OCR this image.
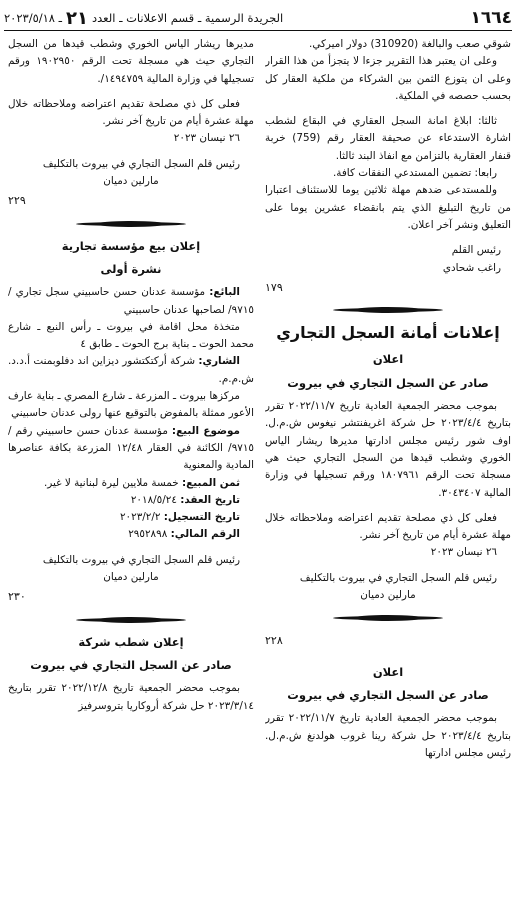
١٦٦٤
الجريدة الرسمية ـ قسم الاعلانات ـ العدد
٢١
ـ ٢٠٢٣/٥/١٨

شوقي صعب والبالغة (310920) دولار اميركي.

وعلى ان يعتبر هذا التقرير جزءا لا يتجزأ من هذا القرار وعلى ان يتوزع الثمن بين الشركاء من ملكية العقار كل بحسب حصصه في الملكية.

ثالثا: ابلاغ امانة السجل العقاري في البقاع لشطب اشارة الاستدعاء عن صحيفة العقار رقم (759) خربة قنفار العقارية بالتزامن مع انفاذ البند ثالثا.

رابعا: تضمين المستدعي النفقات كافة.

وللمستدعى ضدهم مهلة ثلاثين يوما للاستئناف اعتبارا من تاريخ التبليغ الذي يتم بانقضاء عشرين يوما على التعليق ونشر آخر اعلان.

رئيس القلم

راغب شحادي

١٧٩

إعلانات أمانة السجل التجاري

اعلان

صادر عن السجل التجاري في بيروت

بموجب محضر الجمعية العادية تاريخ ٢٠٢٢/١١/٧ تقرر بتاريخ ٢٠٢٣/٤/٤ حل شركة اغريفنتشر نيغوس ش.م.ل. اوف شور رئيس مجلس ادارتها مديرها ريشار الياس الخوري وشطب قيدها من السجل التجاري حيث هي مسجلة تحت الرقم ١٨٠٧٩٦١ ورقم تسجيلها في وزارة المالية ٣٠٤٣٤٠٧.

فعلى كل ذي مصلحة تقديم اعتراضه وملاحظاته خلال مهلة عشرة أيام من تاريخ آخر نشر.

٢٦ نيسان ٢٠٢٣

رئيس قلم السجل التجاري في بيروت بالتكليف

مارلين دميان

٢٢٨

اعلان

صادر عن السجل التجاري في بيروت

بموجب محضر الجمعية العادية تاريخ ٢٠٢٢/١١/٧ تقرر بتاريخ ٢٠٢٣/٤/٤ حل شركة رينا غروب هولدنغ ش.م.ل. رئيس مجلس ادارتها

مديرها ريشار الياس الخوري وشطب قيدها من السجل التجاري حيث هي مسجلة تحت الرقم ١٩٠٢٩٥٠ ورقم تسجيلها في وزارة المالية ١٤٩٤٧٥٩/.

فعلى كل ذي مصلحة تقديم اعتراضه وملاحظاته خلال مهلة عشرة أيام من تاريخ آخر نشر.

٢٦ نيسان ٢٠٢٣

رئيس قلم السجل التجاري في بيروت بالتكليف

مارلين دميان

٢٢٩

إعلان بيع مؤسسة تجارية

نشرة أولى

البائع: مؤسسة عدنان حسن حاسبيني سجل تجاري /٩٧١٥/ لصاحبها عدنان حاسبيني

متخذة محل اقامة في بيروت ـ رأس النبع ـ شارع محمد الحوت ـ بناية برج الحوت ـ طابق ٤

الشاري: شركة أركتكتشور ديزاين اند دفلوبمنت أ.د.د. ش.م.م.

مركزها بيروت ـ المزرعة ـ شارع المصري ـ بناية عارف الأعور ممثلة بالمفوض بالتوقيع عنها رولى عدنان حاسبيني

موضوع البيع: مؤسسة عدنان حسن حاسبيني رقم /٩٧١٥/ الكائنة في العقار ١٢/٤٨ المزرعة بكافة عناصرها المادية والمعنوية

ثمن المبيع: خمسة ملايين ليرة لبنانية لا غير.

تاريخ العقد: ٢٠١٨/٥/٢٤

تاريخ التسجيل: ٢٠٢٣/٢/٢

الرقم المالي: ٢٩٥٢٨٩٨

رئيس قلم السجل التجاري في بيروت بالتكليف

مارلين دميان

٢٣٠

إعلان شطب شركة

صادر عن السجل التجاري في بيروت

بموجب محضر الجمعية تاريخ ٢٠٢٢/١٢/٨ تقرر بتاريخ ٢٠٢٣/٣/١٤ حل شركة أروكاريا بتروسرفيز
